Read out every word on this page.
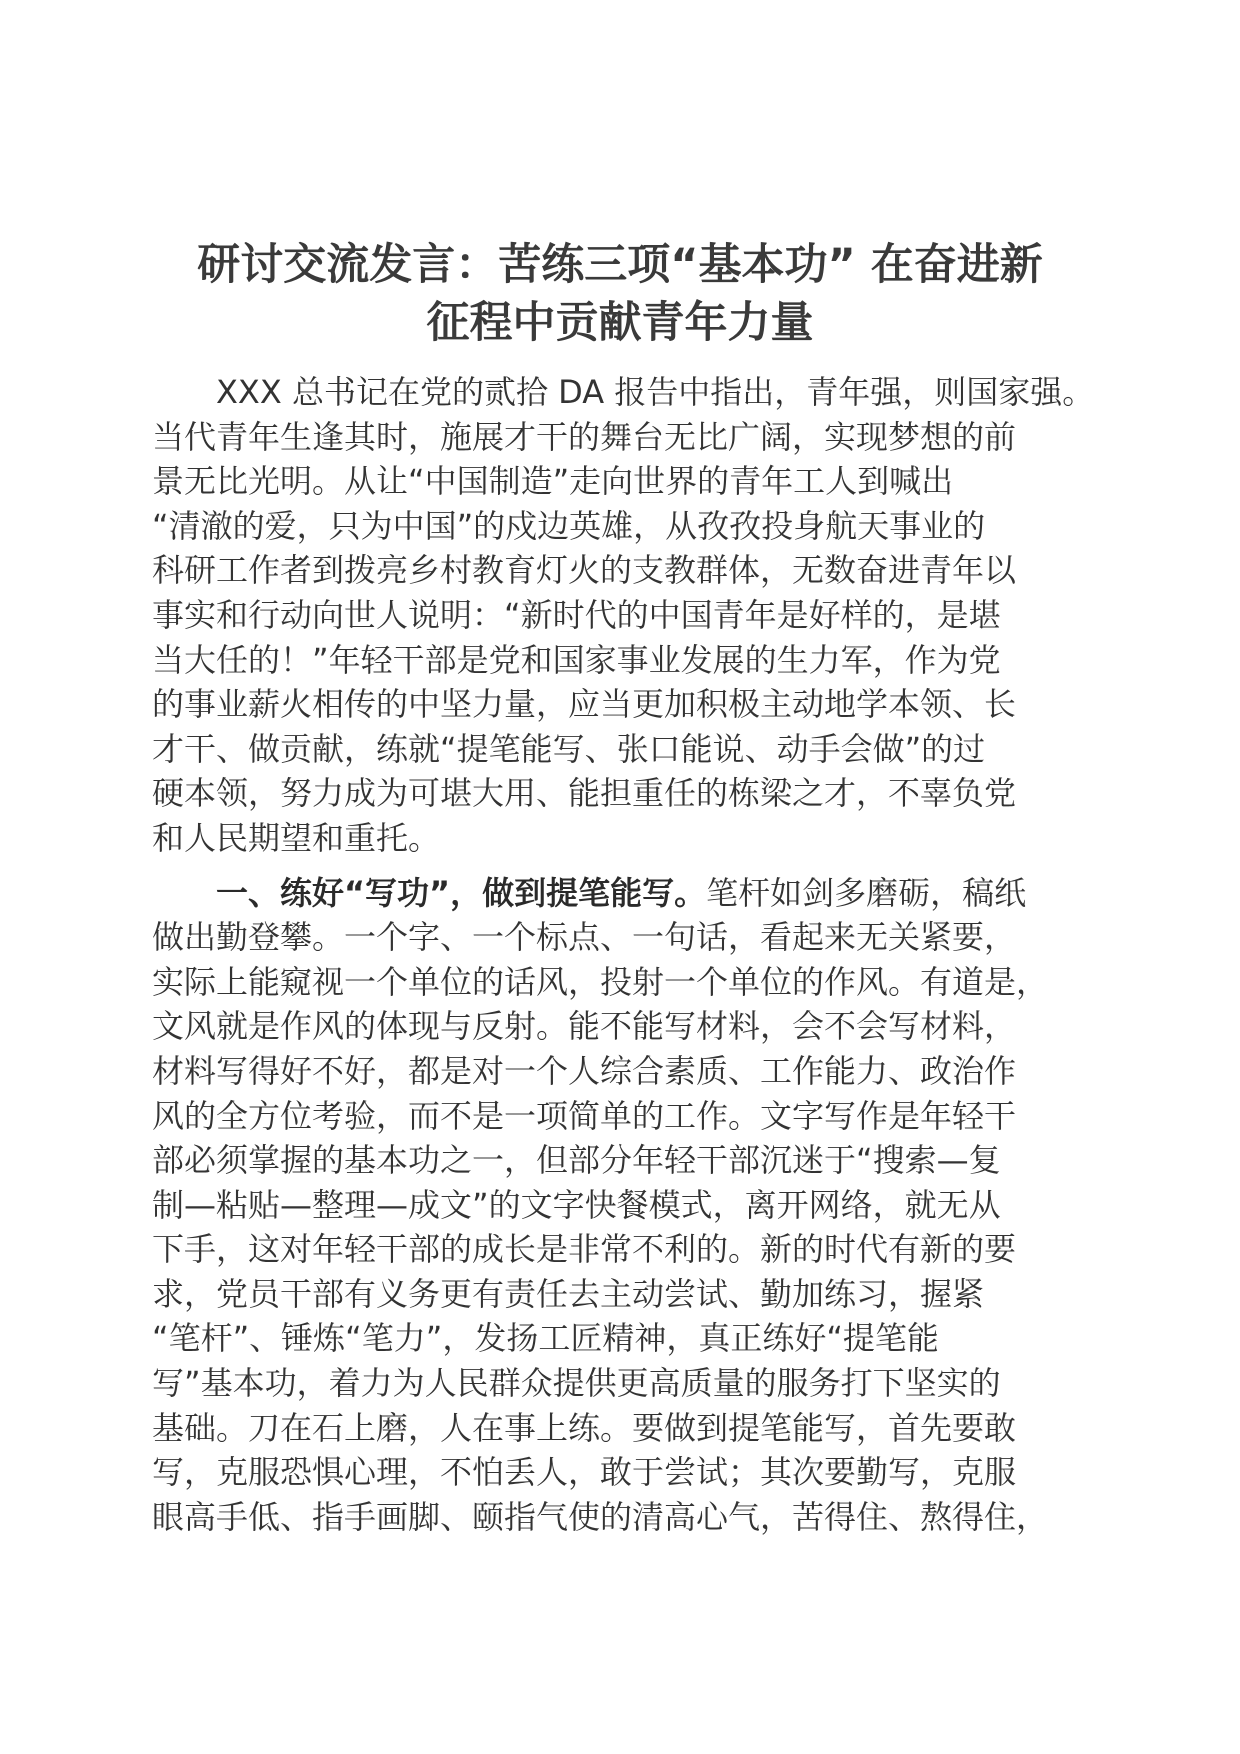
研讨交流发言：苦练三项“基本功” 在奋进新
征程中贡献青年力量
　　XXX 总书记在党的贰拾 DA 报告中指出，青年强，则国家强。
当代青年生逢其时，施展才干的舞台无比广阔，实现梦想的前
景无比光明。从让“中国制造”走向世界的青年工人到喊出
“清澈的爱，只为中国”的戍边英雄，从孜孜投身航天事业的
科研工作者到拨亮乡村教育灯火的支教群体，无数奋进青年以
事实和行动向世人说明：“新时代的中国青年是好样的，是堪
当大任的！”年轻干部是党和国家事业发展的生力军，作为党
的事业薪火相传的中坚力量，应当更加积极主动地学本领、长
才干、做贡献，练就“提笔能写、张口能说、动手会做”的过
硬本领，努力成为可堪大用、能担重任的栋梁之才，不辜负党
和人民期望和重托。
　　一、练好“写功”，做到提笔能写。笔杆如剑多磨砺，稿纸
做出勤登攀。一个字、一个标点、一句话，看起来无关紧要，
实际上能窥视一个单位的话风，投射一个单位的作风。有道是，
文风就是作风的体现与反射。能不能写材料，会不会写材料，
材料写得好不好，都是对一个人综合素质、工作能力、政治作
风的全方位考验，而不是一项简单的工作。文字写作是年轻干
部必须掌握的基本功之一，但部分年轻干部沉迷于“搜索—复
制—粘贴—整理—成文”的文字快餐模式，离开网络，就无从
下手，这对年轻干部的成长是非常不利的。新的时代有新的要
求，党员干部有义务更有责任去主动尝试、勤加练习，握紧
“笔杆”、锤炼“笔力”，发扬工匠精神，真正练好“提笔能
写”基本功，着力为人民群众提供更高质量的服务打下坚实的
基础。刀在石上磨，人在事上练。要做到提笔能写，首先要敢
写，克服恐惧心理，不怕丢人，敢于尝试；其次要勤写，克服
眼高手低、指手画脚、颐指气使的清高心气，苦得住、熬得住，
